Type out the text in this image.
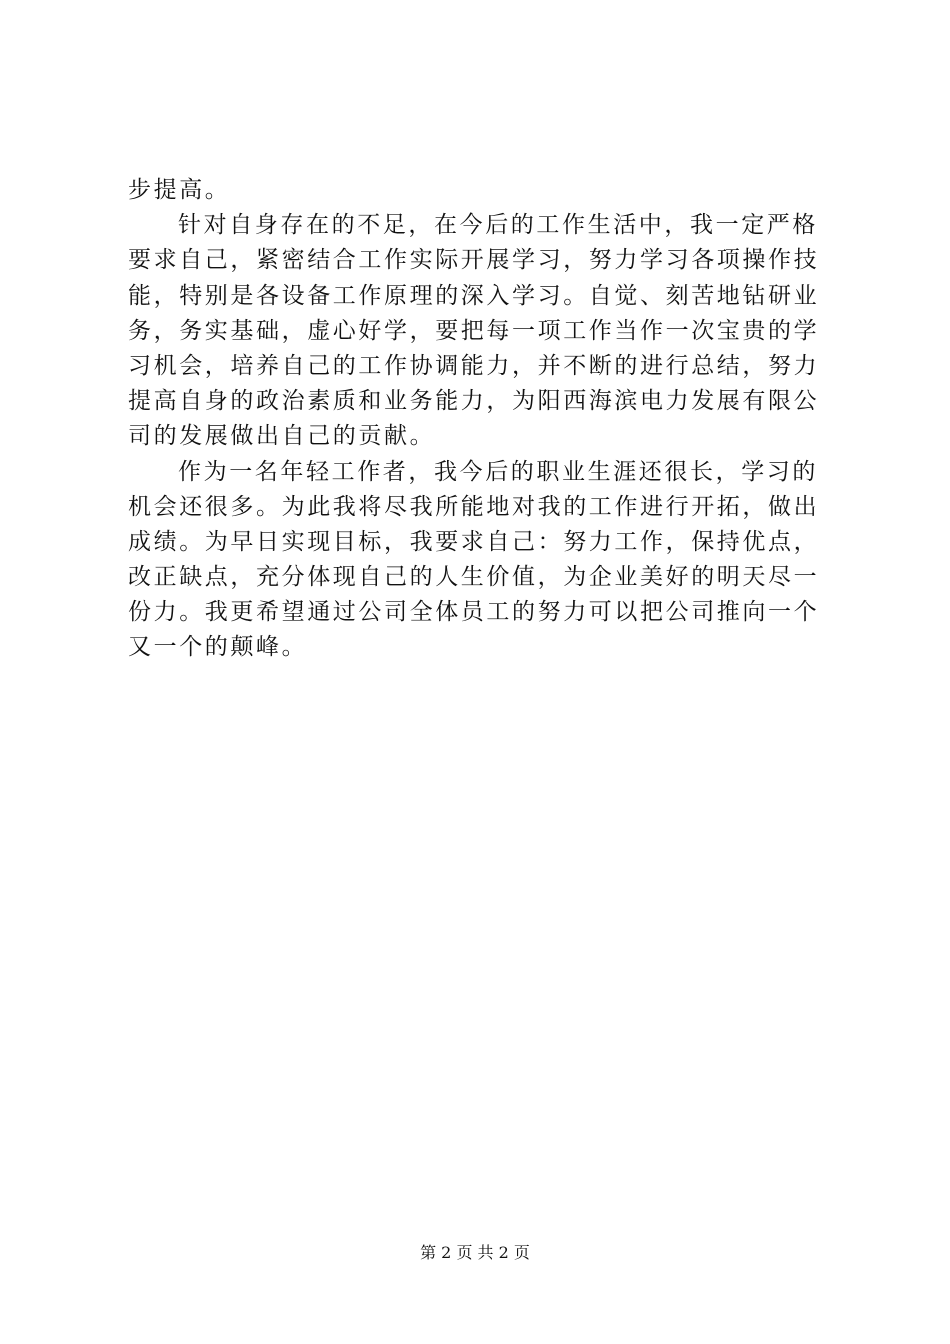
步提高。
针对自身存在的不足，在今后的工作生活中，我一定严格
要求自己，紧密结合工作实际开展学习，努力学习各项操作技
能，特别是各设备工作原理的深入学习。自觉、刻苦地钻研业
务，务实基础，虚心好学，要把每一项工作当作一次宝贵的学
习机会，培养自己的工作协调能力，并不断的进行总结，努力
提高自身的政治素质和业务能力，为阳西海滨电力发展有限公
司的发展做出自己的贡献。
作为一名年轻工作者，我今后的职业生涯还很长，学习的
机会还很多。为此我将尽我所能地对我的工作进行开拓，做出
成绩。为早日实现目标，我要求自己：努力工作，保持优点，
改正缺点，充分体现自己的人生价值，为企业美好的明天尽一
份力。我更希望通过公司全体员工的努力可以把公司推向一个
又一个的颠峰。
第 2 页 共 2 页
